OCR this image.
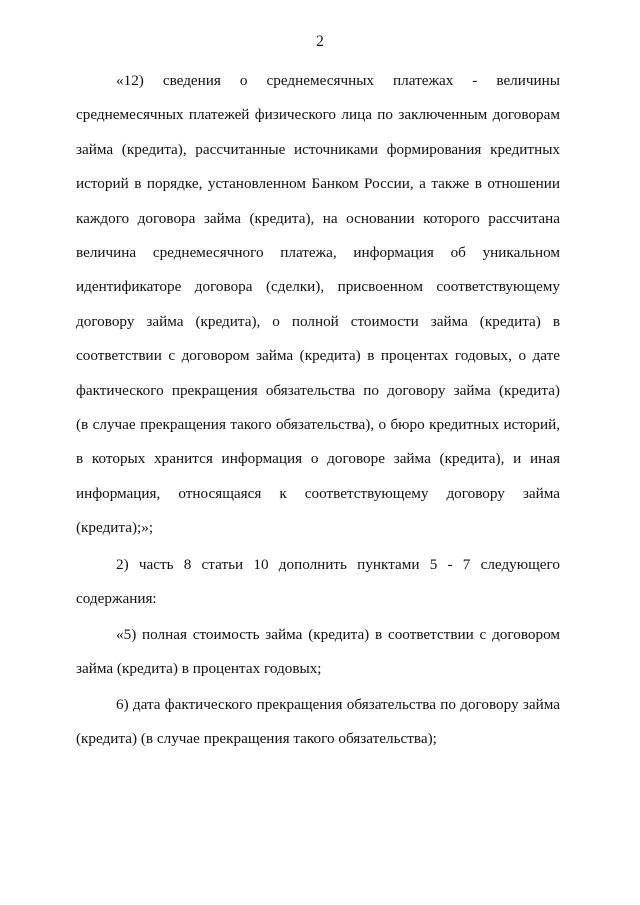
2
«12) сведения о среднемесячных платежах - величины
среднемесячных платежей физического лица по заключенным договорам
займа (кредита), рассчитанные источниками формирования кредитных
историй в порядке, установленном Банком России, а также в отношении
каждого договора займа (кредита), на основании которого рассчитана
величина среднемесячного платежа, информация об уникальном
идентификаторе договора (сделки), присвоенном соответствующему
договору займа (кредита), о полной стоимости займа (кредита) в
соответствии с договором займа (кредита) в процентах годовых, о дате
фактического прекращения обязательства по договору займа (кредита)
(в случае прекращения такого обязательства), о бюро кредитных историй,
в которых хранится информация о договоре займа (кредита), и иная
информация, относящаяся к соответствующему договору займа
(кредита);»;
2) часть 8 статьи 10 дополнить пунктами 5 - 7 следующего
содержания:
«5) полная стоимость займа (кредита) в соответствии с договором
займа (кредита) в процентах годовых;
6) дата фактического прекращения обязательства по договору займа
(кредита) (в случае прекращения такого обязательства);
